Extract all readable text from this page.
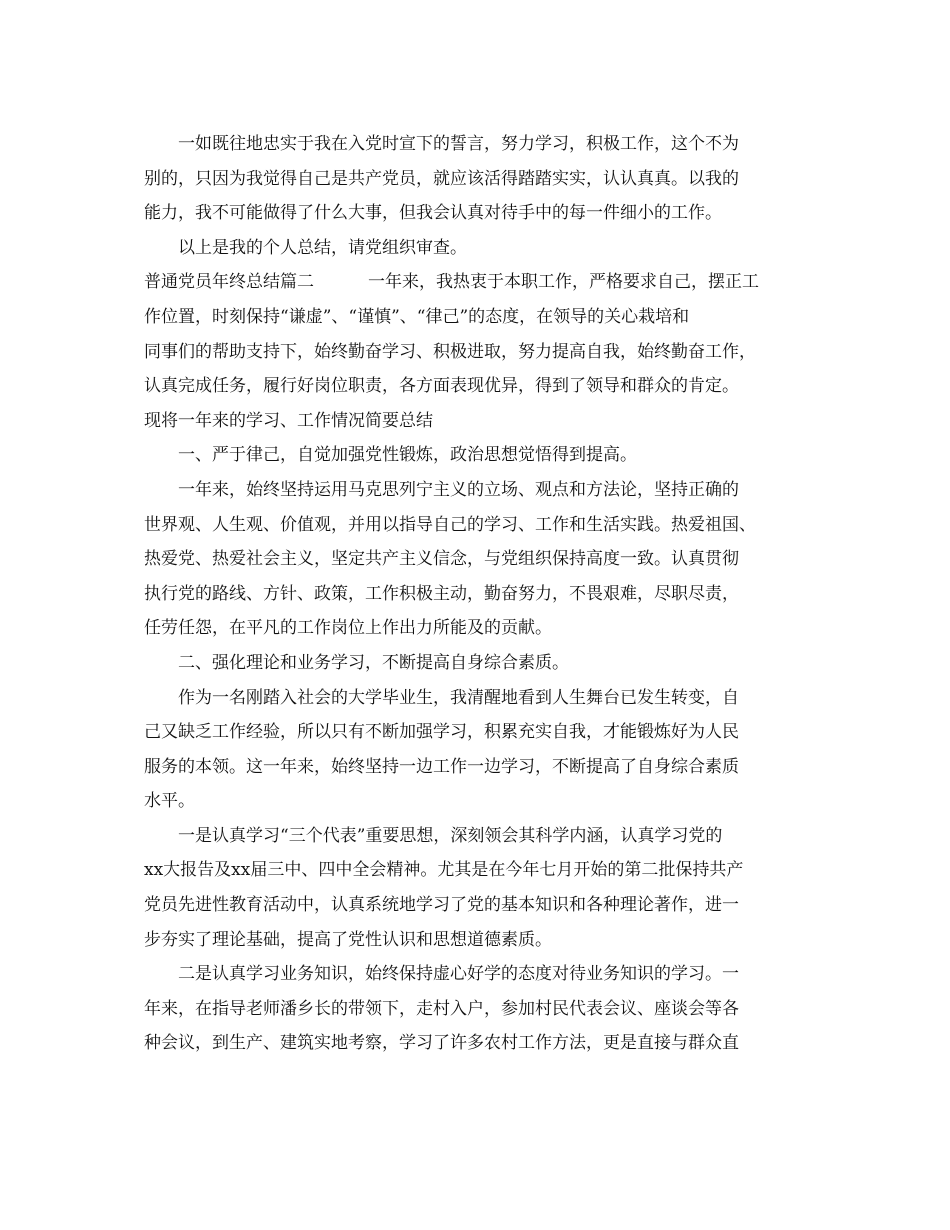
一如既往地忠实于我在入党时宣下的誓言，努力学习，积极工作，这个不为
别的，只因为我觉得自己是共产党员，就应该活得踏踏实实，认认真真。以我的
能力，我不可能做得了什么大事，但我会认真对待手中的每一件细小的工作。
以上是我的个人总结，请党组织审查。
普通党员年终总结篇二	一年来，我热衷于本职工作，严格要求自己，摆正工
作位置，时刻保持“谦虚”、“谨慎”、“律己”的态度，在领导的关心栽培和
同事们的帮助支持下，始终勤奋学习、积极进取，努力提高自我，始终勤奋工作，
认真完成任务，履行好岗位职责，各方面表现优异，得到了领导和群众的肯定。
现将一年来的学习、工作情况简要总结
一、严于律己，自觉加强党性锻炼，政治思想觉悟得到提高。
一年来，始终坚持运用马克思列宁主义的立场、观点和方法论，坚持正确的
世界观、人生观、价值观，并用以指导自己的学习、工作和生活实践。热爱祖国、
热爱党、热爱社会主义，坚定共产主义信念，与党组织保持高度一致。认真贯彻
执行党的路线、方针、政策，工作积极主动，勤奋努力，不畏艰难，尽职尽责，
任劳任怨，在平凡的工作岗位上作出力所能及的贡献。
二、强化理论和业务学习，不断提高自身综合素质。
作为一名刚踏入社会的大学毕业生，我清醒地看到人生舞台已发生转变，自
己又缺乏工作经验，所以只有不断加强学习，积累充实自我，才能锻炼好为人民
服务的本领。这一年来，始终坚持一边工作一边学习，不断提高了自身综合素质
水平。
一是认真学习“三个代表”重要思想，深刻领会其科学内涵，认真学习党的
xx大报告及xx届三中、四中全会精神。尤其是在今年七月开始的第二批保持共产
党员先进性教育活动中，认真系统地学习了党的基本知识和各种理论著作，进一
步夯实了理论基础，提高了党性认识和思想道德素质。
二是认真学习业务知识，始终保持虚心好学的态度对待业务知识的学习。一
年来，在指导老师潘乡长的带领下，走村入户，参加村民代表会议、座谈会等各
种会议，到生产、建筑实地考察，学习了许多农村工作方法，更是直接与群众直
